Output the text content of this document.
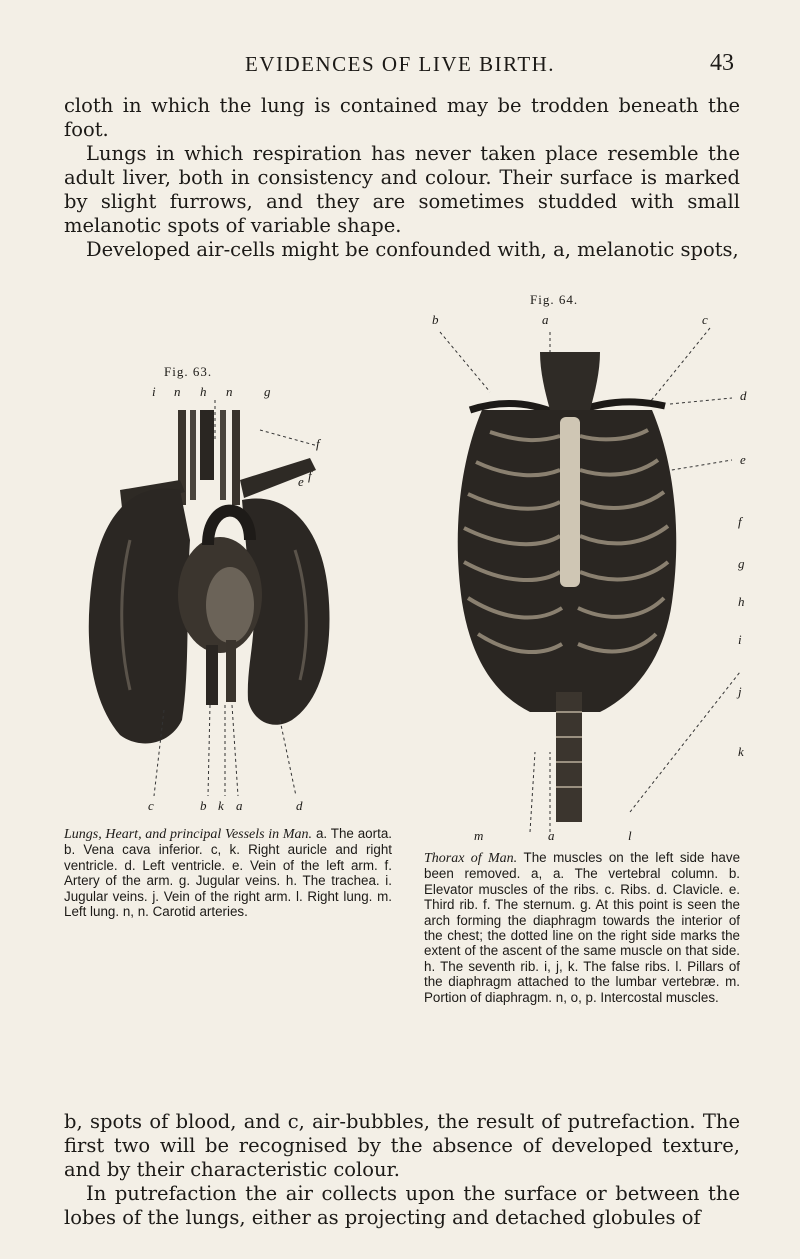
EVIDENCES OF LIVE BIRTH.	43

cloth in which the lung is contained may be trodden beneath the foot.

Lungs in which respiration has never taken place resemble the adult liver, both in consistency and colour. Their surface is marked by slight furrows, and they are sometimes studded with small melanotic spots of variable shape.

Developed air-cells might be confounded with, a, melanotic spots,

Fig. 63.
i n h n g
f
e f
c	b k a	d
Lungs, Heart, and principal Vessels in Man. a. The aorta. b. Vena cava inferior. c, k. Right auricle and right ventricle. d. Left ventricle. e. Vein of the left arm. f. Artery of the arm. g. Jugular veins. h. The trachea. i. Jugular veins. j. Vein of the right arm. l. Right lung. m. Left lung. n, n. Carotid arteries.
Fig. 64.
b	a	c
d
e
f
g
h
i
j
k
m	a	l
Thorax of Man. The muscles on the left side have been removed. a, a. The vertebral column. b. Elevator muscles of the ribs. c. Ribs. d. Clavicle. e. Third rib. f. The sternum. g. At this point is seen the arch forming the diaphragm towards the interior of the chest; the dotted line on the right side marks the extent of the ascent of the same muscle on that side. h. The seventh rib. i, j, k. The false ribs. l. Pillars of the diaphragm attached to the lumbar vertebræ. m. Portion of diaphragm. n, o, p. Intercostal muscles.

b, spots of blood, and c, air-bubbles, the result of putrefaction. The first two will be recognised by the absence of developed texture, and by their characteristic colour.

In putrefaction the air collects upon the surface or between the lobes of the lungs, either as projecting and detached globules of
